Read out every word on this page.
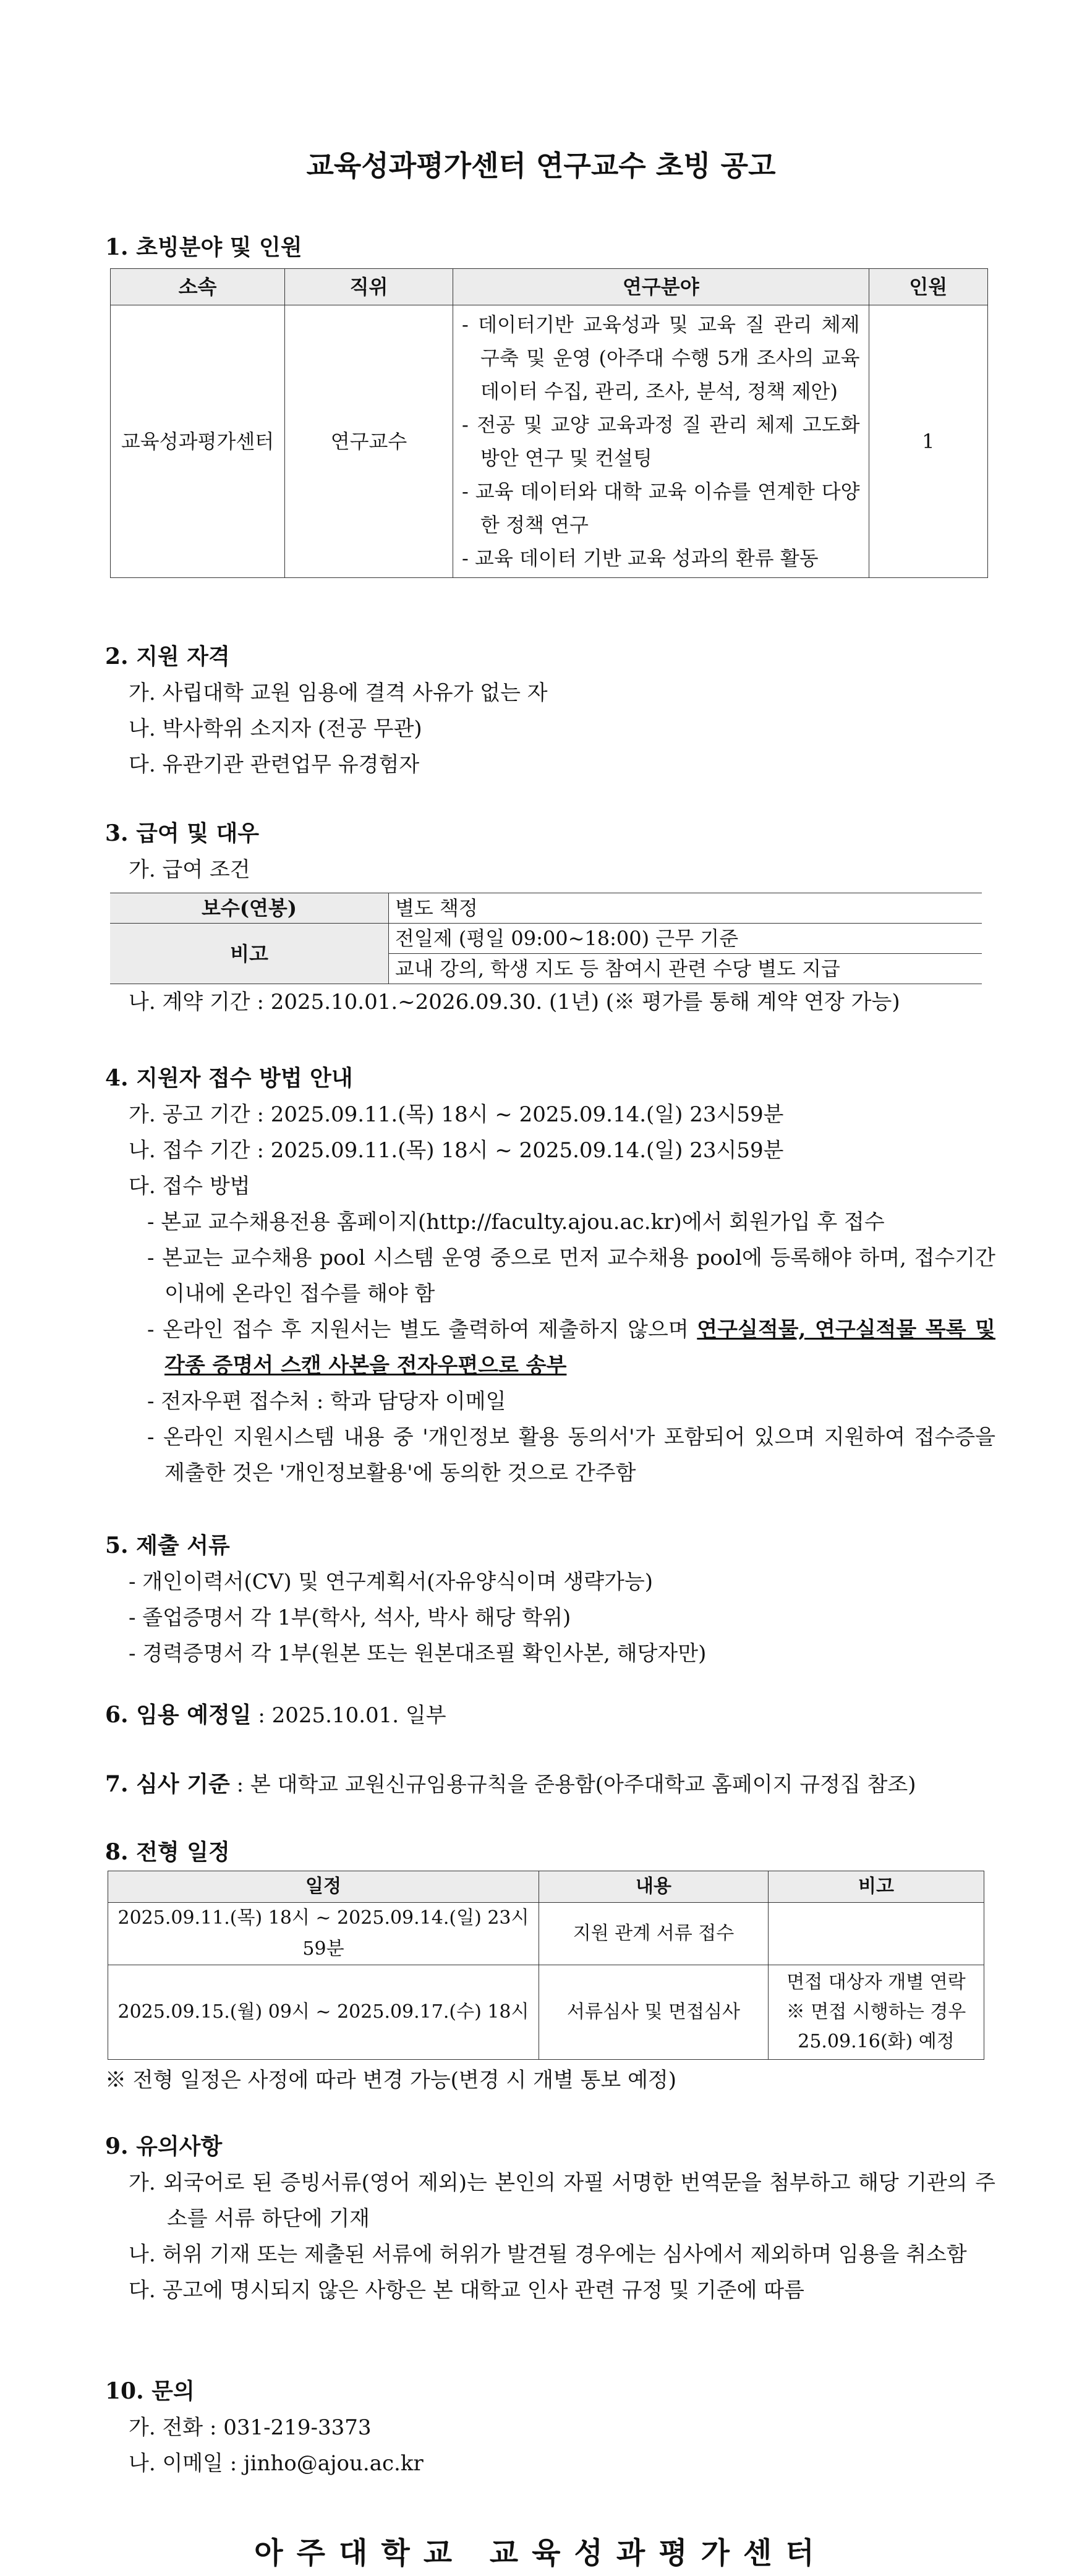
교육성과평가센터 연구교수 초빙 공고
1. 초빙분야 및 인원
소속	직위	연구분야	인원
교육성과평가센터	연구교수	- 데이터기반 교육성과 및 교육 질 관리 체제 구축 및 운영 (아주대 수행 5개 조사의 교육 데이터 수집, 관리, 조사, 분석, 정책 제안)
- 전공 및 교양 교육과정 질 관리 체제 고도화 방안 연구 및 컨설팅
- 교육 데이터와 대학 교육 이슈를 연계한 다양한 정책 연구
- 교육 데이터 기반 교육 성과의 환류 활동	1
2. 지원 자격
가. 사립대학 교원 임용에 결격 사유가 없는 자
나. 박사학위 소지자 (전공 무관)
다. 유관기관 관련업무 유경험자
3. 급여 및 대우
가. 급여 조건
보수(연봉)	별도 책정
비고	전일제 (평일 09:00~18:00) 근무 기준
교내 강의, 학생 지도 등 참여시 관련 수당 별도 지급
나. 계약 기간 : 2025.10.01.~2026.09.30. (1년) (※ 평가를 통해 계약 연장 가능)
4. 지원자 접수 방법 안내
가. 공고 기간 : 2025.09.11.(목) 18시 ~ 2025.09.14.(일) 23시59분
나. 접수 기간 : 2025.09.11.(목) 18시 ~ 2025.09.14.(일) 23시59분
다. 접수 방법
- 본교 교수채용전용 홈페이지(http://faculty.ajou.ac.kr)에서 회원가입 후 접수
- 본교는 교수채용 pool 시스템 운영 중으로 먼저 교수채용 pool에 등록해야 하며, 접수기간 이내에 온라인 접수를 해야 함
- 온라인 접수 후 지원서는 별도 출력하여 제출하지 않으며 연구실적물, 연구실적물 목록 및 각종 증명서 스캔 사본을 전자우편으로 송부
- 전자우편 접수처 : 학과 담당자 이메일
- 온라인 지원시스템 내용 중 '개인정보 활용 동의서'가 포함되어 있으며 지원하여 접수증을 제출한 것은 '개인정보활용'에 동의한 것으로 간주함
5. 제출 서류
- 개인이력서(CV) 및 연구계획서(자유양식이며 생략가능)
- 졸업증명서 각 1부(학사, 석사, 박사 해당 학위)
- 경력증명서 각 1부(원본 또는 원본대조필 확인사본, 해당자만)
6. 임용 예정일 : 2025.10.01. 일부
7. 심사 기준 : 본 대학교 교원신규임용규칙을 준용함(아주대학교 홈페이지 규정집 참조)
8. 전형 일정
일정	내용	비고
2025.09.11.(목) 18시 ~ 2025.09.14.(일) 23시59분	지원 관계 서류 접수	
2025.09.15.(월) 09시 ~ 2025.09.17.(수) 18시	서류심사 및 면접심사	면접 대상자 개별 연락
※ 면접 시행하는 경우
25.09.16(화) 예정
※ 전형 일정은 사정에 따라 변경 가능(변경 시 개별 통보 예정)
9. 유의사항
가. 외국어로 된 증빙서류(영어 제외)는 본인의 자필 서명한 번역문을 첨부하고 해당 기관의 주소를 서류 하단에 기재
나. 허위 기재 또는 제출된 서류에 허위가 발견될 경우에는 심사에서 제외하며 임용을 취소함
다. 공고에 명시되지 않은 사항은 본 대학교 인사 관련 규정 및 기준에 따름
10. 문의
가. 전화 : 031-219-3373
나. 이메일 : jinho@ajou.ac.kr
아주대학교 교육성과평가센터
